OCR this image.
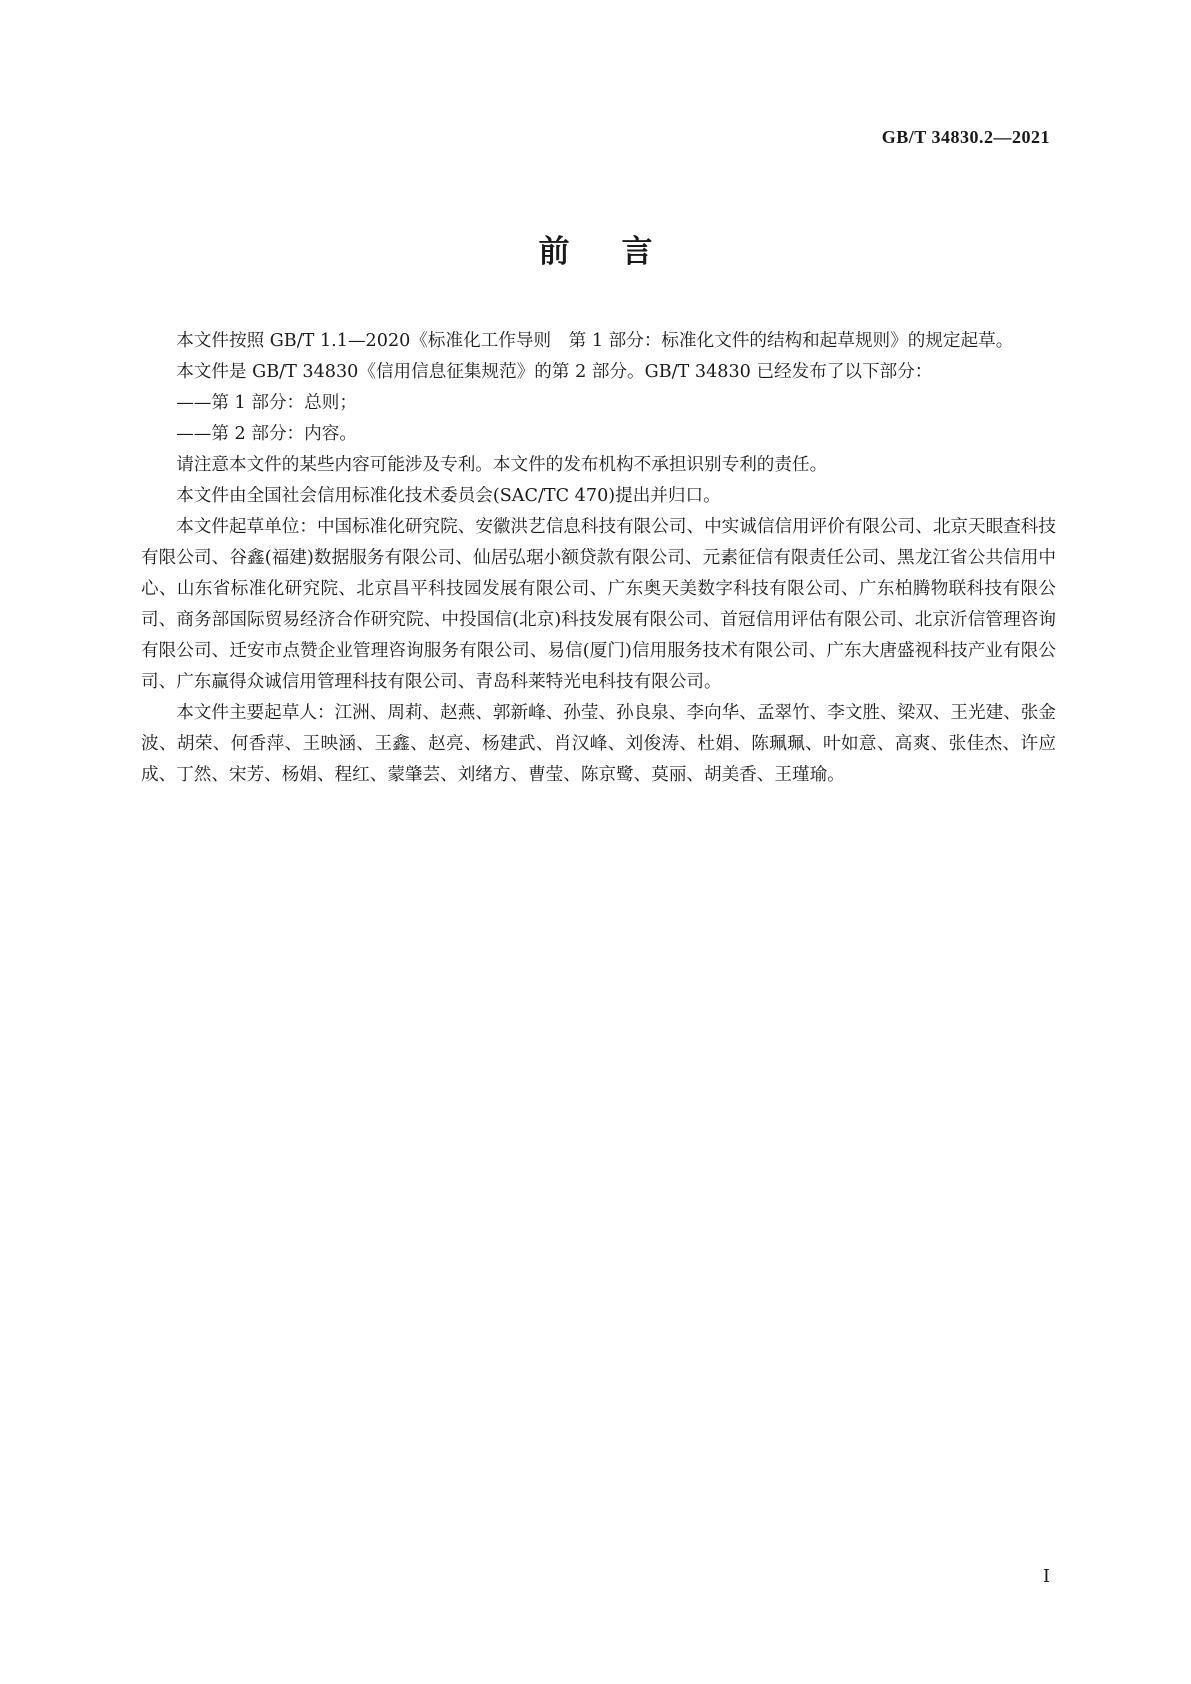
GB/T 34830.2—2021
前言

本文件按照 GB/T 1.1—2020《标准化工作导则　第 1 部分：标准化文件的结构和起草规则》的规定起草。

本文件是 GB/T 34830《信用信息征集规范》的第 2 部分。GB/T 34830 已经发布了以下部分：

——第 1 部分：总则；

——第 2 部分：内容。

请注意本文件的某些内容可能涉及专利。本文件的发布机构不承担识别专利的责任。

本文件由全国社会信用标准化技术委员会(SAC/TC 470)提出并归口。

本文件起草单位：中国标准化研究院、安徽洪艺信息科技有限公司、中实诚信信用评价有限公司、北京天眼查科技有限公司、谷鑫(福建)数据服务有限公司、仙居弘琚小额贷款有限公司、元素征信有限责任公司、黑龙江省公共信用中心、山东省标准化研究院、北京昌平科技园发展有限公司、广东奥天美数字科技有限公司、广东柏腾物联科技有限公司、商务部国际贸易经济合作研究院、中投国信(北京)科技发展有限公司、首冠信用评估有限公司、北京沂信管理咨询有限公司、迁安市点赞企业管理咨询服务有限公司、易信(厦门)信用服务技术有限公司、广东大唐盛视科技产业有限公司、广东赢得众诚信用管理科技有限公司、青岛科莱特光电科技有限公司。

本文件主要起草人：江洲、周莉、赵燕、郭新峰、孙莹、孙良泉、李向华、孟翠竹、李文胜、梁双、王光建、张金波、胡荣、何香萍、王映涵、王鑫、赵亮、杨建武、肖汉峰、刘俊涛、杜娟、陈珮珮、叶如意、高爽、张佳杰、许应成、丁然、宋芳、杨娟、程红、蒙肇芸、刘绪方、曹莹、陈京鹭、莫丽、胡美香、王瑾瑜。

I
